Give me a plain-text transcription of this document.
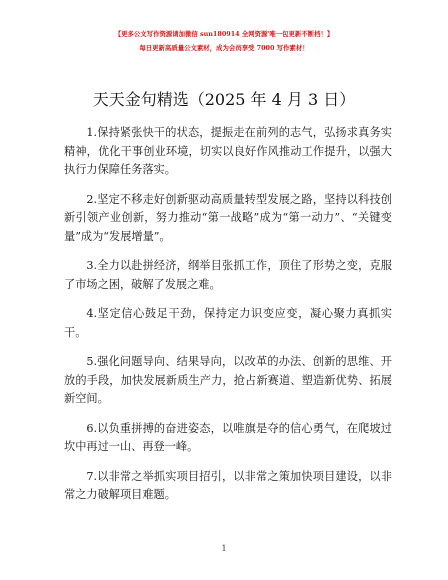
【更多公文写作资源请加微信 sun180914 全网资源'唯一包更新不断档！】
每日更新高质量公文素材，成为会员享受 7000 写作素材！
天天金句精选（2025 年 4 月 3 日）

1.保持紧张快干的状态，提振走在前列的志气，弘扬求真务实精神，优化干事创业环境，切实以良好作风推动工作提升，以强大执行力保障任务落实。

2.坚定不移走好创新驱动高质量转型发展之路，坚持以科技创新引领产业创新，努力推动“第一战略”成为“第一动力”、“关键变量”成为“发展增量”。

3.全力以赴拼经济，纲举目张抓工作，顶住了形势之变，克服了市场之困，破解了发展之难。

4.坚定信心鼓足干劲，保持定力识变应变，凝心聚力真抓实干。

5.强化问题导向、结果导向，以改革的办法、创新的思维、开放的手段，加快发展新质生产力，抢占新赛道、塑造新优势、拓展新空间。

6.以负重拼搏的奋进姿态，以唯旗是夺的信心勇气，在爬坡过坎中再过一山、再登一峰。

7.以非常之举抓实项目招引，以非常之策加快项目建设，以非常之力破解项目难题。

1
